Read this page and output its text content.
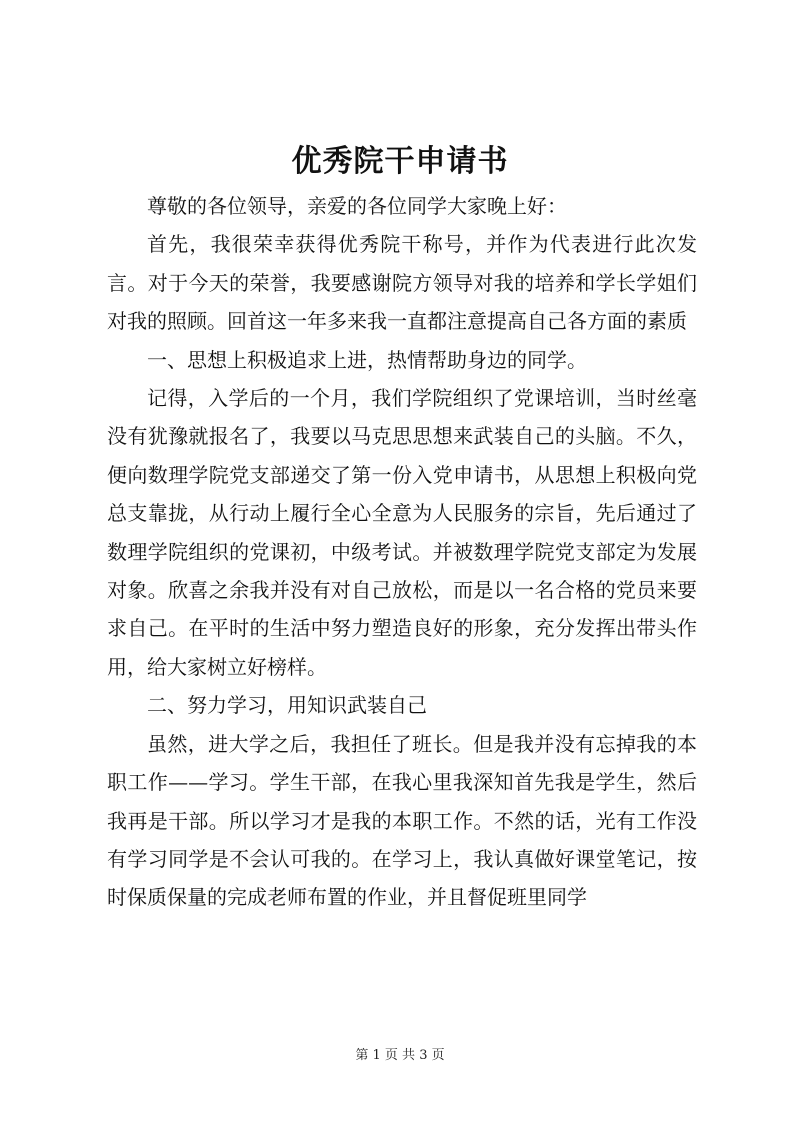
优秀院干申请书

尊敬的各位领导，亲爱的各位同学大家晚上好：

首先，我很荣幸获得优秀院干称号，并作为代表进行此次发言。对于今天的荣誉，我要感谢院方领导对我的培养和学长学姐们对我的照顾。回首这一年多来我一直都注意提高自己各方面的素质

一、思想上积极追求上进，热情帮助身边的同学。

记得，入学后的一个月，我们学院组织了党课培训，当时丝毫没有犹豫就报名了，我要以马克思思想来武装自己的头脑。不久，便向数理学院党支部递交了第一份入党申请书，从思想上积极向党总支靠拢，从行动上履行全心全意为人民服务的宗旨，先后通过了数理学院组织的党课初，中级考试。并被数理学院党支部定为发展对象。欣喜之余我并没有对自己放松，而是以一名合格的党员来要求自己。在平时的生活中努力塑造良好的形象，充分发挥出带头作用，给大家树立好榜样。

二、努力学习，用知识武装自己

虽然，进大学之后，我担任了班长。但是我并没有忘掉我的本职工作——学习。学生干部，在我心里我深知首先我是学生，然后我再是干部。所以学习才是我的本职工作。不然的话，光有工作没有学习同学是不会认可我的。在学习上，我认真做好课堂笔记，按时保质保量的完成老师布置的作业，并且督促班里同学

第 1 页 共 3 页
